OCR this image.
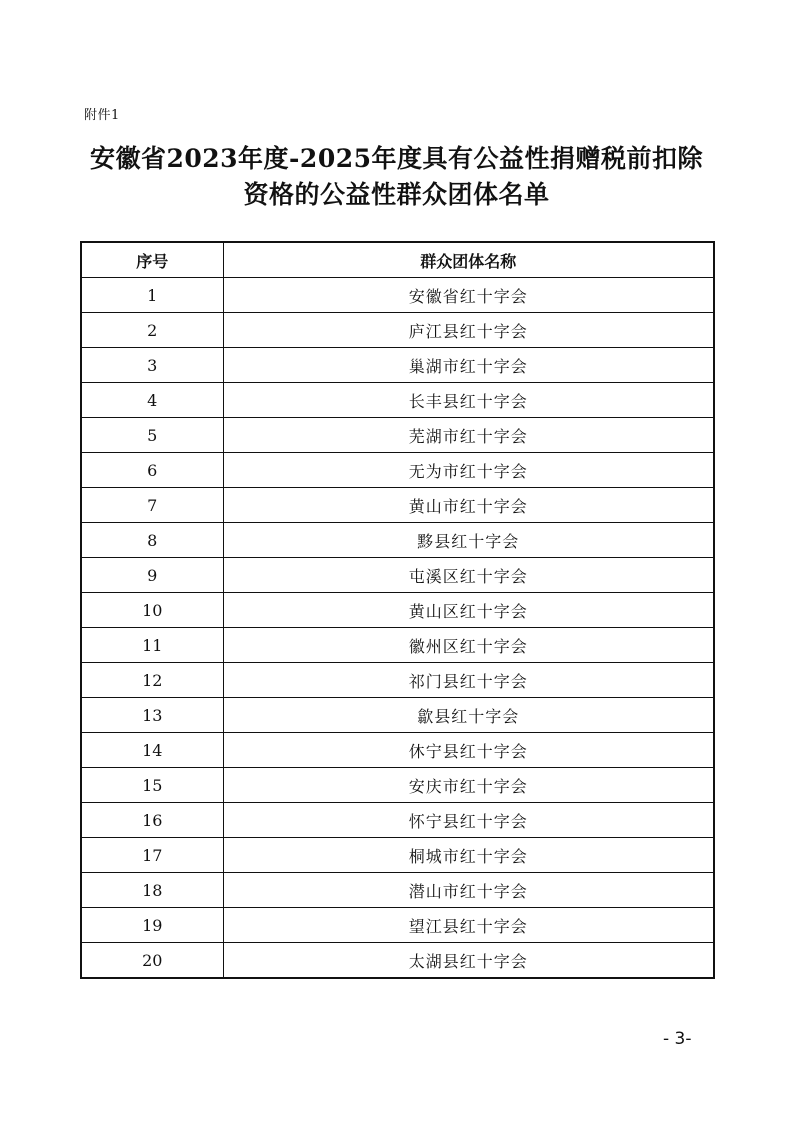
附件1
安徽省2023年度-2025年度具有公益性捐赠税前扣除
资格的公益性群众团体名单
序号	群众团体名称
1	安徽省红十字会
2	庐江县红十字会
3	巢湖市红十字会
4	长丰县红十字会
5	芜湖市红十字会
6	无为市红十字会
7	黄山市红十字会
8	黟县红十字会
9	屯溪区红十字会
10	黄山区红十字会
11	徽州区红十字会
12	祁门县红十字会
13	歙县红十字会
14	休宁县红十字会
15	安庆市红十字会
16	怀宁县红十字会
17	桐城市红十字会
18	潜山市红十字会
19	望江县红十字会
20	太湖县红十字会
- 3-
